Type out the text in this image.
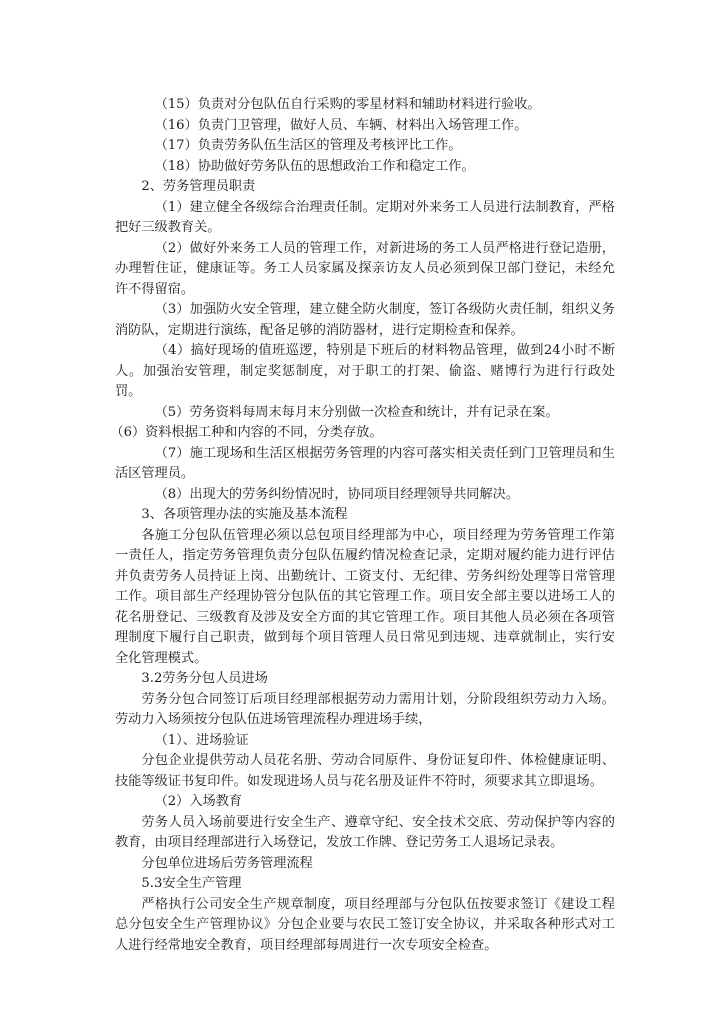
（15）负责对分包队伍自行采购的零星材料和辅助材料进行验收。

（16）负责门卫管理，做好人员、车辆、材料出入场管理工作。

（17）负责劳务队伍生活区的管理及考核评比工作。

（18）协助做好劳务队伍的思想政治工作和稳定工作。

2、劳务管理员职责

（1）建立健全各级综合治理责任制。定期对外来务工人员进行法制教育，严格把好三级教育关。

（2）做好外来务工人员的管理工作，对新进场的务工人员严格进行登记造册，办理暂住证，健康证等。务工人员家属及探亲访友人员必须到保卫部门登记，未经允许不得留宿。

（3）加强防火安全管理，建立健全防火制度，签订各级防火责任制，组织义务消防队，定期进行演练，配备足够的消防器材，进行定期检查和保养。

（4）搞好现场的值班巡逻，特别是下班后的材料物品管理，做到24小时不断人。加强治安管理，制定奖惩制度，对于职工的打架、偷盗、赌博行为进行行政处罚。

（5）劳务资料每周末每月末分别做一次检查和统计，并有记录在案。

（6）资料根据工种和内容的不同，分类存放。

（7）施工现场和生活区根据劳务管理的内容可落实相关责任到门卫管理员和生活区管理员。

（8）出现大的劳务纠纷情况时，协同项目经理领导共同解决。

3、各项管理办法的实施及基本流程

各施工分包队伍管理必须以总包项目经理部为中心，项目经理为劳务管理工作第一责任人，指定劳务管理负责分包队伍履约情况检查记录，定期对履约能力进行评估并负责劳务人员持证上岗、出勤统计、工资支付、无纪律、劳务纠纷处理等日常管理工作。项目部生产经理协管分包队伍的其它管理工作。项目安全部主要以进场工人的花名册登记、三级教育及涉及安全方面的其它管理工作。项目其他人员必须在各项管理制度下履行自己职责，做到每个项目管理人员日常见到违规、违章就制止，实行安全化管理模式。

3.2劳务分包人员进场

劳务分包合同签订后项目经理部根据劳动力需用计划，分阶段组织劳动力入场。劳动力入场须按分包队伍进场管理流程办理进场手续，

（1）、进场验证

分包企业提供劳动人员花名册、劳动合同原件、身份证复印件、体检健康证明、技能等级证书复印件。如发现进场人员与花名册及证件不符时，须要求其立即退场。

（2）入场教育

劳务人员入场前要进行安全生产、遵章守纪、安全技术交底、劳动保护等内容的教育，由项目经理部进行入场登记，发放工作牌、登记劳务工人退场记录表。

分包单位进场后劳务管理流程

5.3安全生产管理

严格执行公司安全生产规章制度，项目经理部与分包队伍按要求签订《建设工程总分包安全生产管理协议》分包企业要与农民工签订安全协议，并采取各种形式对工人进行经常地安全教育，项目经理部每周进行一次专项安全检查。
